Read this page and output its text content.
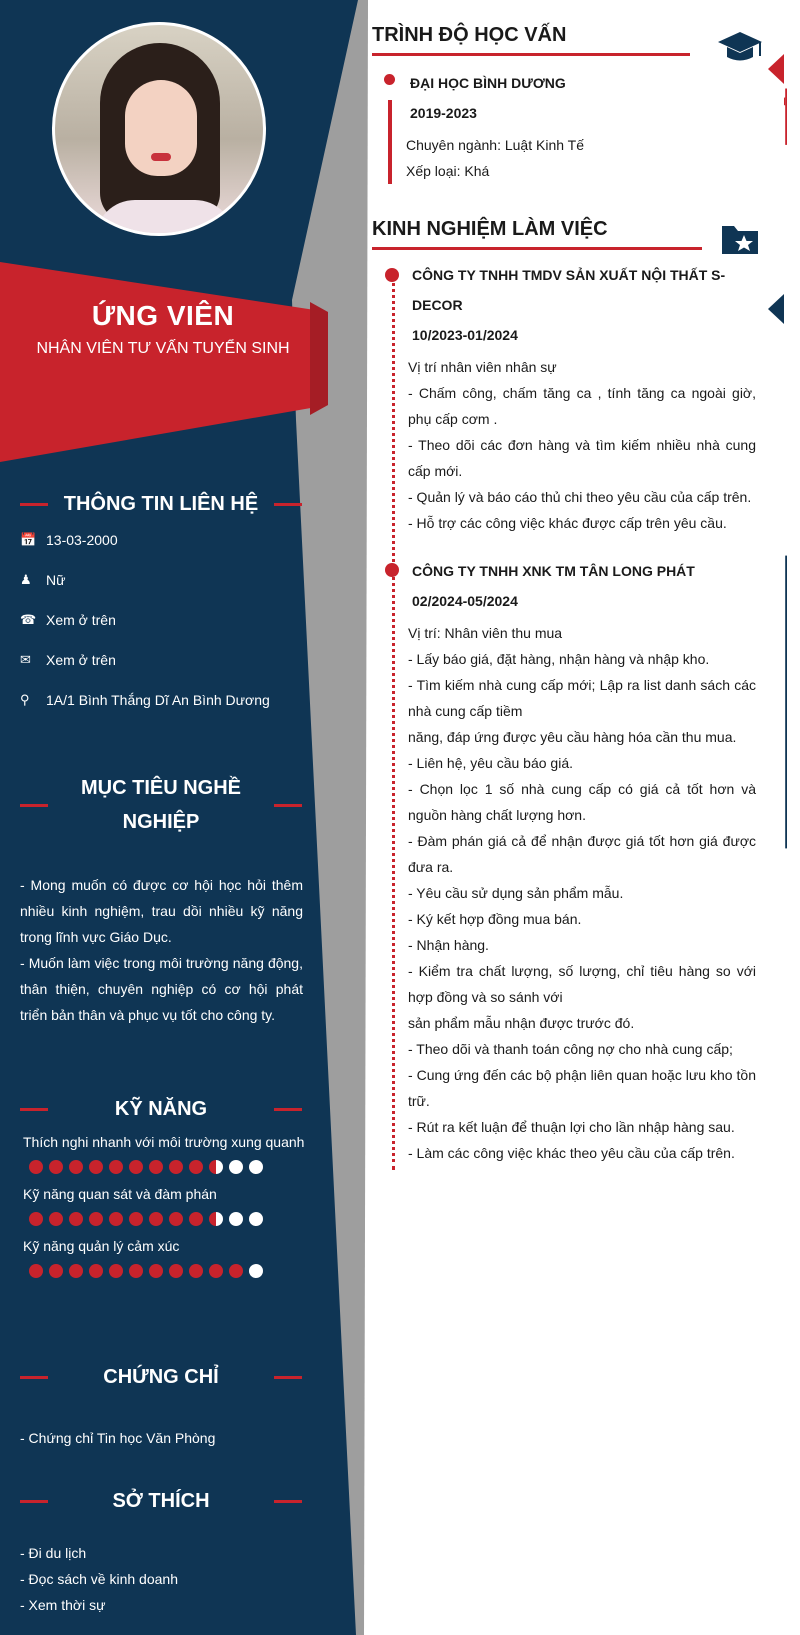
ỨNG VIÊN
NHÂN VIÊN TƯ VẤN TUYỂN SINH
THÔNG TIN LIÊN HỆ
📅 13-03-2000
♟	Nữ
☎ Xem ở trên
✉	Xem ở trên
⚲	1A/1 Bình Thắng Dĩ An Bình Dương
MỤC TIÊU NGHỀ
NGHIỆP
- Mong muốn có được cơ hội học hỏi thêm nhiều kinh nghiệm, trau dồi nhiều kỹ năng trong lĩnh vực Giáo Dục.
- Muốn làm việc trong môi trường năng động, thân thiện, chuyên nghiệp có cơ hội phát triển bản thân và phục vụ tốt cho công ty.
KỸ NĂNG
Thích nghi nhanh với môi trường xung quanh
Kỹ năng quan sát và đàm phán
Kỹ năng quản lý cảm xúc
CHỨNG CHỈ
- Chứng chỉ Tin học Văn Phòng
SỞ THÍCH
- Đi du lịch
- Đọc sách về kinh doanh
- Xem thời sự
TRÌNH ĐỘ HỌC VẤN
ĐẠI HỌC BÌNH DƯƠNG
2019-2023
Chuyên ngành: Luật Kinh Tế
Xếp loại: Khá
KINH NGHIỆM LÀM VIỆC
CÔNG TY TNHH TMDV SẢN XUẤT NỘI THẤT S-
DECOR
10/2023-01/2024
Vị trí nhân viên nhân sự
- Chấm công, chấm tăng ca , tính tăng ca ngoài giờ, phụ cấp cơm .
- Theo dõi các đơn hàng và tìm kiếm nhiều nhà cung cấp mới.
- Quản lý và báo cáo thủ chi theo yêu cầu của cấp trên.
- Hỗ trợ các công việc khác được cấp trên yêu cầu.
CÔNG TY TNHH XNK TM TÂN LONG PHÁT
02/2024-05/2024
Vị trí: Nhân viên thu mua
- Lấy báo giá, đặt hàng, nhận hàng và nhập kho.
- Tìm kiếm nhà cung cấp mới; Lập ra list danh sách các nhà cung cấp tiềm
năng, đáp ứng được yêu cầu hàng hóa cần thu mua.
- Liên hệ, yêu cầu báo giá.
- Chọn lọc 1 số nhà cung cấp có giá cả tốt hơn và nguồn hàng chất lượng hơn.
- Đàm phán giá cả để nhận được giá tốt hơn giá được đưa ra.
- Yêu cầu sử dụng sản phẩm mẫu.
- Ký kết hợp đồng mua bán.
- Nhận hàng.
- Kiểm tra chất lượng, số lượng, chỉ tiêu hàng so với hợp đồng và so sánh với
sản phẩm mẫu nhận được trước đó.
- Theo dõi và thanh toán công nợ cho nhà cung cấp;
- Cung ứng đến các bộ phận liên quan hoặc lưu kho tồn trữ.
- Rút ra kết luận để thuận lợi cho lần nhập hàng sau.
- Làm các công việc khác theo yêu cầu của cấp trên.
